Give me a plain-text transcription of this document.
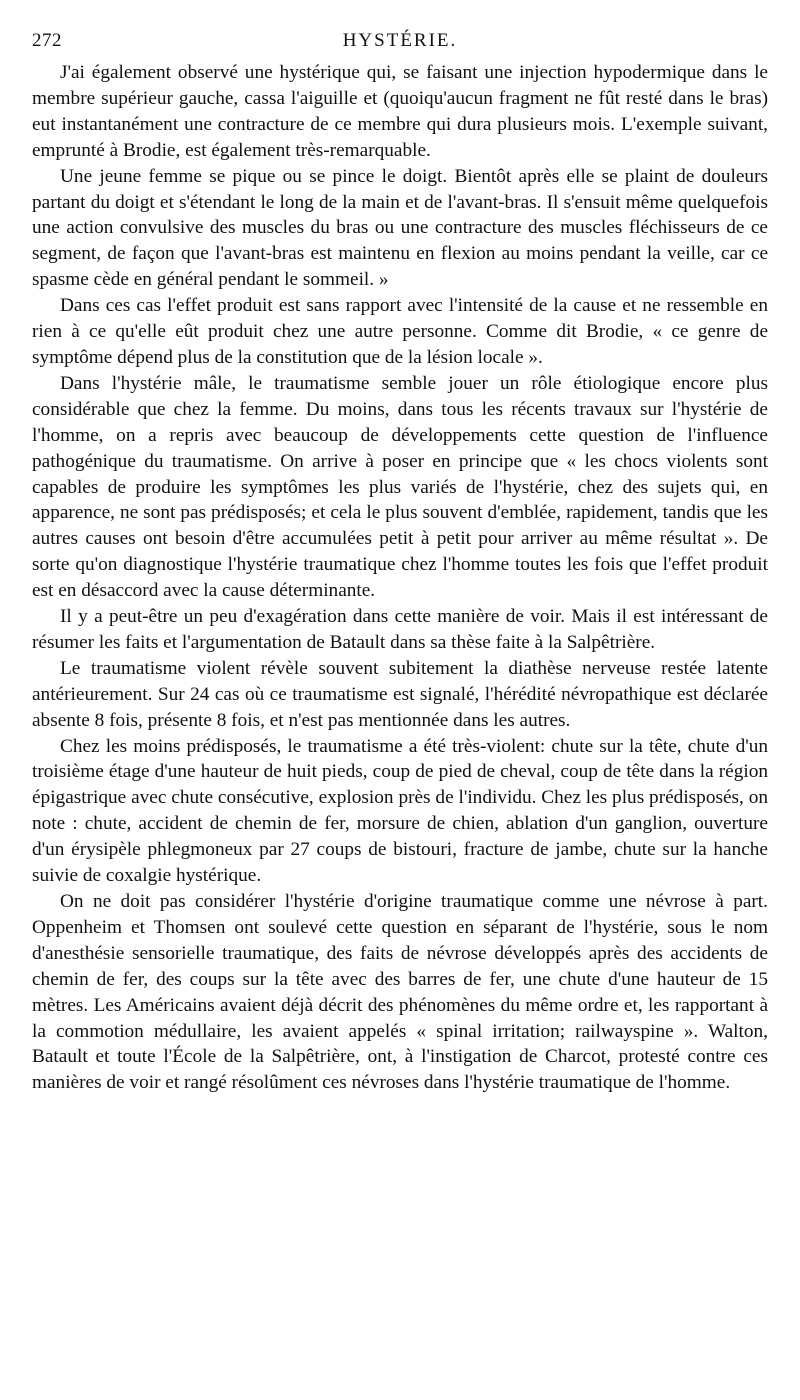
272	HYSTÉRIE.

J'ai également observé une hystérique qui, se faisant une injection hypodermique dans le membre supérieur gauche, cassa l'aiguille et (quoiqu'aucun fragment ne fût resté dans le bras) eut instantanément une contracture de ce membre qui dura plusieurs mois. L'exemple suivant, emprunté à Brodie, est également très-remarquable.

Une jeune femme se pique ou se pince le doigt. Bientôt après elle se plaint de douleurs partant du doigt et s'étendant le long de la main et de l'avant-bras. Il s'ensuit même quelquefois une action convulsive des muscles du bras ou une contracture des muscles fléchisseurs de ce segment, de façon que l'avant-bras est maintenu en flexion au moins pendant la veille, car ce spasme cède en général pendant le sommeil. »

Dans ces cas l'effet produit est sans rapport avec l'intensité de la cause et ne ressemble en rien à ce qu'elle eût produit chez une autre personne. Comme dit Brodie, « ce genre de symptôme dépend plus de la constitution que de la lésion locale ».

Dans l'hystérie mâle, le traumatisme semble jouer un rôle étiologique encore plus considérable que chez la femme. Du moins, dans tous les récents travaux sur l'hystérie de l'homme, on a repris avec beaucoup de développements cette question de l'influence pathogénique du traumatisme. On arrive à poser en principe que « les chocs violents sont capables de produire les symptômes les plus variés de l'hystérie, chez des sujets qui, en apparence, ne sont pas prédisposés; et cela le plus souvent d'emblée, rapidement, tandis que les autres causes ont besoin d'être accumulées petit à petit pour arriver au même résultat ». De sorte qu'on diagnostique l'hystérie traumatique chez l'homme toutes les fois que l'effet produit est en désaccord avec la cause déterminante.

Il y a peut-être un peu d'exagération dans cette manière de voir. Mais il est intéressant de résumer les faits et l'argumentation de Batault dans sa thèse faite à la Salpêtrière.

Le traumatisme violent révèle souvent subitement la diathèse nerveuse restée latente antérieurement. Sur 24 cas où ce traumatisme est signalé, l'hérédité névropathique est déclarée absente 8 fois, présente 8 fois, et n'est pas mentionnée dans les autres.

Chez les moins prédisposés, le traumatisme a été très-violent: chute sur la tête, chute d'un troisième étage d'une hauteur de huit pieds, coup de pied de cheval, coup de tête dans la région épigastrique avec chute consécutive, explosion près de l'individu. Chez les plus prédisposés, on note : chute, accident de chemin de fer, morsure de chien, ablation d'un ganglion, ouverture d'un érysipèle phlegmoneux par 27 coups de bistouri, fracture de jambe, chute sur la hanche suivie de coxalgie hystérique.

On ne doit pas considérer l'hystérie d'origine traumatique comme une névrose à part. Oppenheim et Thomsen ont soulevé cette question en séparant de l'hystérie, sous le nom d'anesthésie sensorielle traumatique, des faits de névrose développés après des accidents de chemin de fer, des coups sur la tête avec des barres de fer, une chute d'une hauteur de 15 mètres. Les Américains avaient déjà décrit des phénomènes du même ordre et, les rapportant à la commotion médullaire, les avaient appelés « spinal irritation; railwayspine ». Walton, Batault et toute l'École de la Salpêtrière, ont, à l'instigation de Charcot, protesté contre ces manières de voir et rangé résolûment ces névroses dans l'hystérie traumatique de l'homme.
